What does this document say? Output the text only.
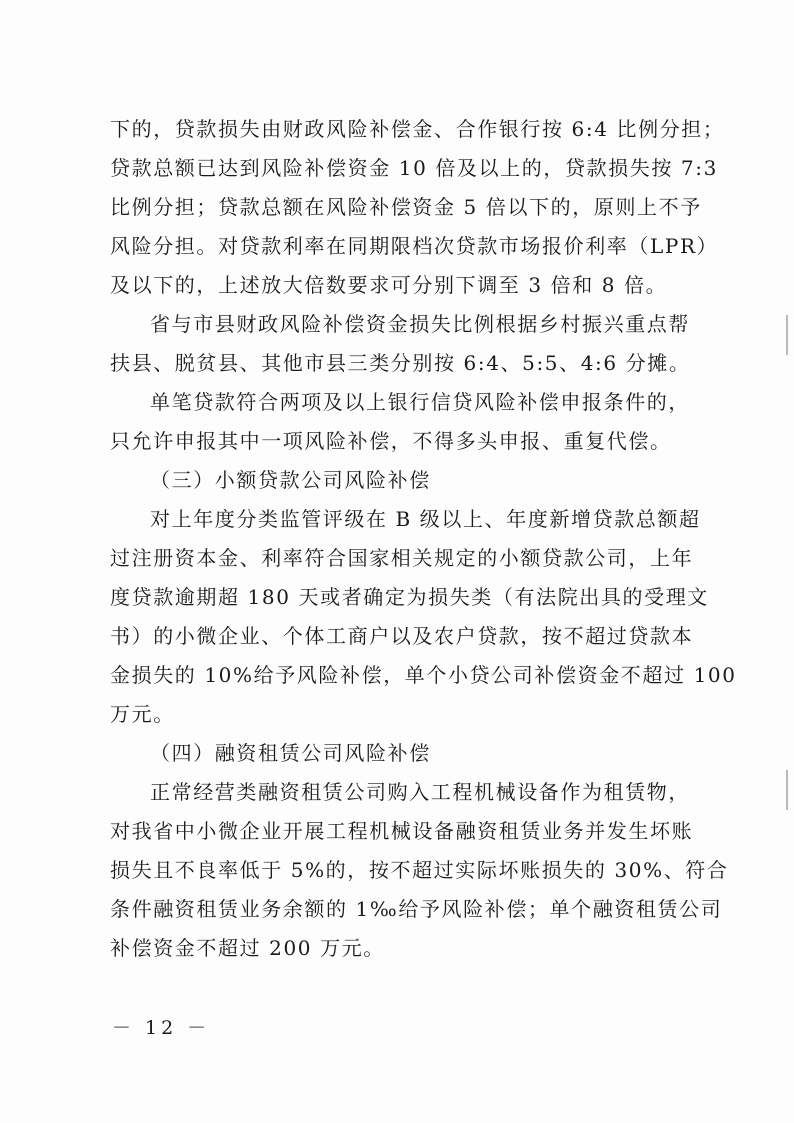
下的，贷款损失由财政风险补偿金、合作银行按 6:4 比例分担；
贷款总额已达到风险补偿资金 10 倍及以上的，贷款损失按 7:3
比例分担；贷款总额在风险补偿资金 5 倍以下的，原则上不予
风险分担。对贷款利率在同期限档次贷款市场报价利率（LPR）
及以下的，上述放大倍数要求可分别下调至 3 倍和 8 倍。
省与市县财政风险补偿资金损失比例根据乡村振兴重点帮
扶县、脱贫县、其他市县三类分别按 6:4、5:5、4:6 分摊。
单笔贷款符合两项及以上银行信贷风险补偿申报条件的，
只允许申报其中一项风险补偿，不得多头申报、重复代偿。
（三）小额贷款公司风险补偿
对上年度分类监管评级在 B 级以上、年度新增贷款总额超
过注册资本金、利率符合国家相关规定的小额贷款公司，上年
度贷款逾期超 180 天或者确定为损失类（有法院出具的受理文
书）的小微企业、个体工商户以及农户贷款，按不超过贷款本
金损失的 10%给予风险补偿，单个小贷公司补偿资金不超过 100
万元。
（四）融资租赁公司风险补偿
正常经营类融资租赁公司购入工程机械设备作为租赁物，
对我省中小微企业开展工程机械设备融资租赁业务并发生坏账
损失且不良率低于 5%的，按不超过实际坏账损失的 30%、符合
条件融资租赁业务余额的 1‰给予风险补偿；单个融资租赁公司
补偿资金不超过 200 万元。
－ 12 －
